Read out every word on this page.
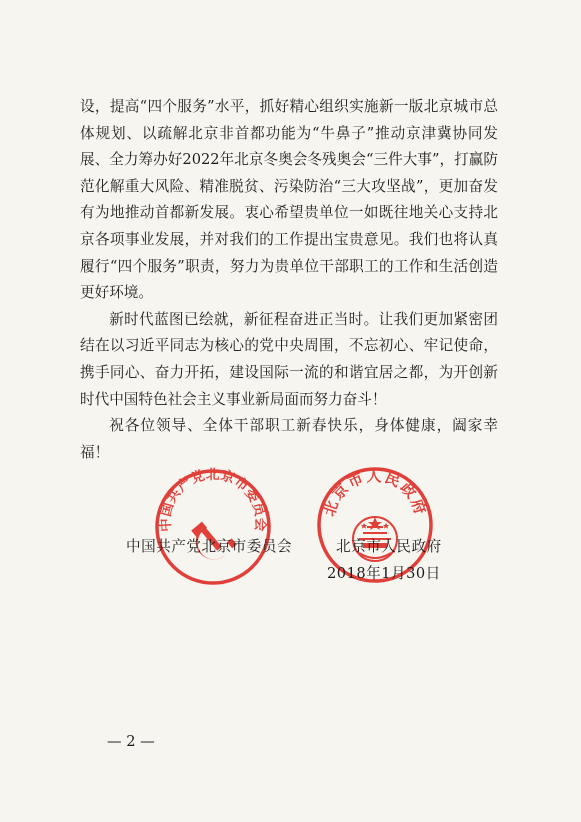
设，提高“四个服务”水平，抓好精心组织实施新一版北京城市总体规划、以疏解北京非首都功能为“牛鼻子”推动京津冀协同发展、全力筹办好2022年北京冬奥会冬残奥会“三件大事”，打赢防范化解重大风险、精准脱贫、污染防治“三大攻坚战”，更加奋发有为地推动首都新发展。衷心希望贵单位一如既往地关心支持北京各项事业发展，并对我们的工作提出宝贵意见。我们也将认真履行“四个服务”职责，努力为贵单位干部职工的工作和生活创造更好环境。

新时代蓝图已绘就，新征程奋进正当时。让我们更加紧密团结在以习近平同志为核心的党中央周围，不忘初心、牢记使命，携手同心、奋力开拓，建设国际一流的和谐宜居之都，为开创新时代中国特色社会主义事业新局面而努力奋斗！

祝各位领导、全体干部职工新春快乐，身体健康，阖家幸福！

中国共产党北京市委员会
北京市人民政府
中国共产党北京市委员会	北京市人民政府
2018年1月30日
— 2 —
